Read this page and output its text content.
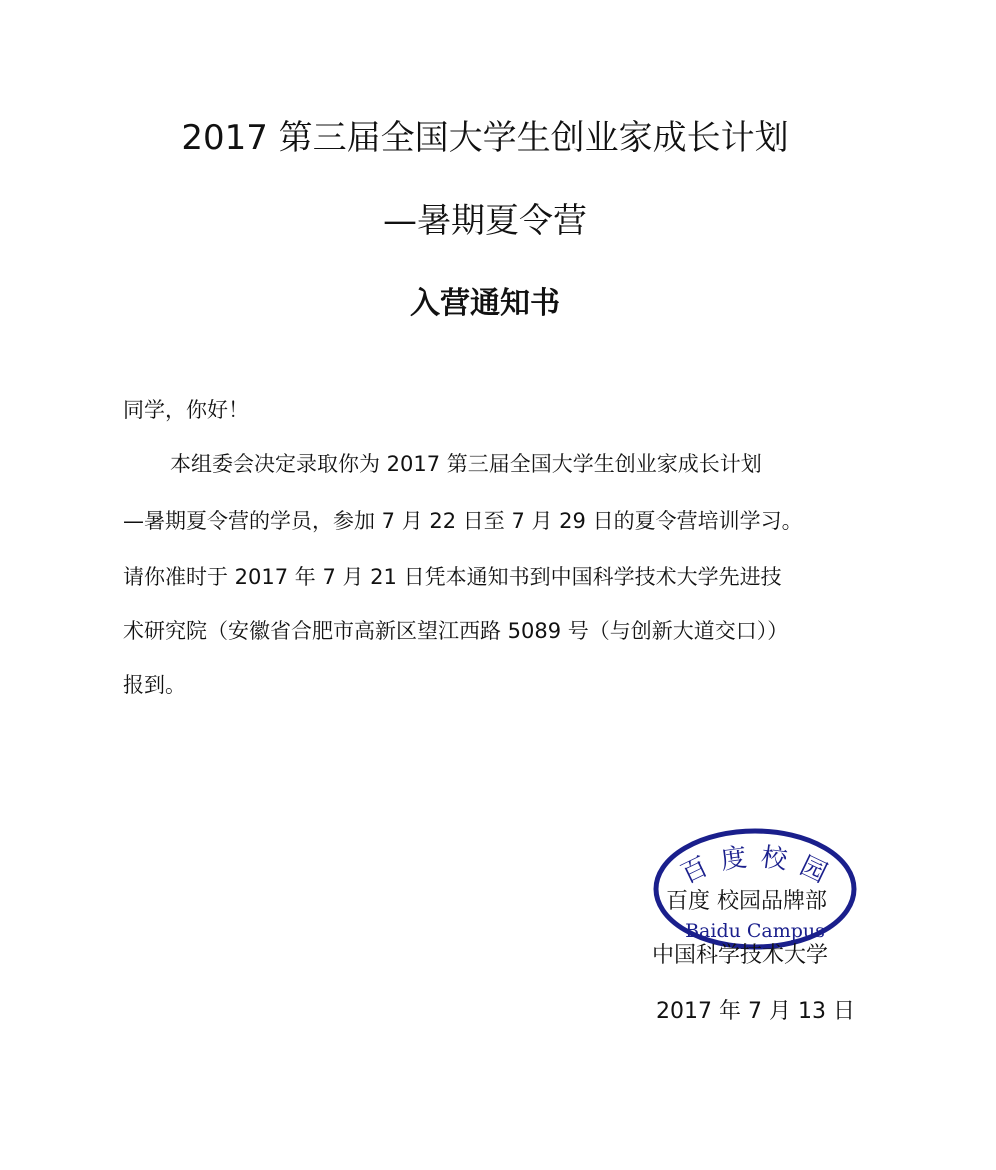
2017 第三届全国大学生创业家成长计划
—暑期夏令营
入营通知书
同学，你好！
本组委会决定录取你为 2017 第三届全国大学生创业家成长计划
—暑期夏令营的学员，参加 7 月 22 日至 7 月 29 日的夏令营培训学习。
请你准时于 2017 年 7 月 21 日凭本通知书到中国科学技术大学先进技
术研究院（安徽省合肥市高新区望江西路 5089 号（与创新大道交口））
报到。
百 度 校 园
Baidu Campus
百度 校园品牌部
中国科学技术大学
2017 年 7 月 13 日
